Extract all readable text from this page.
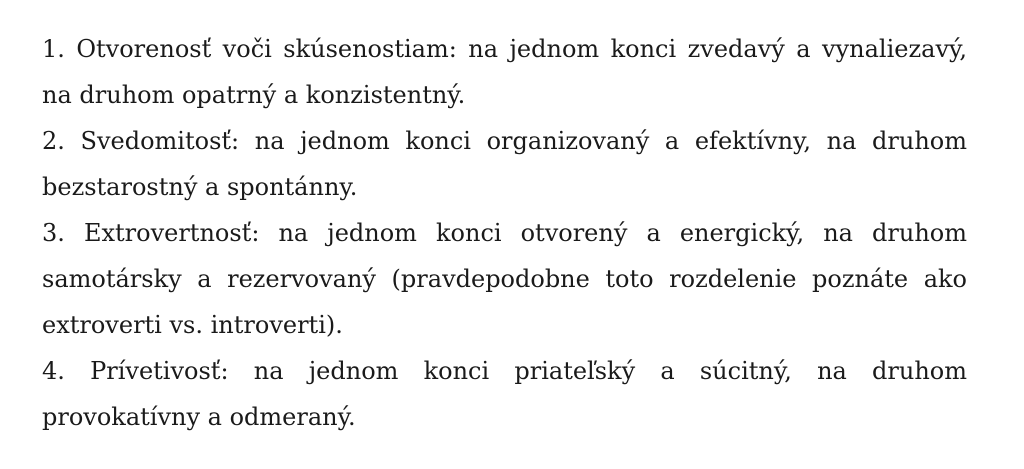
1. Otvorenosť voči skúsenostiam: na jednom konci zvedavý a vynaliezavý, na druhom opatrný a konzistentný.

2. Svedomitosť: na jednom konci organizovaný a efektívny, na druhom bezstarostný a spontánny.

3. Extrovertnosť: na jednom konci otvorený a energický, na druhom samotársky a rezervovaný (pravdepodobne toto rozdelenie poznáte ako extroverti vs. introverti).

4. Prívetivosť: na jednom konci priateľský a súcitný, na druhom provokatívny a odmeraný.
